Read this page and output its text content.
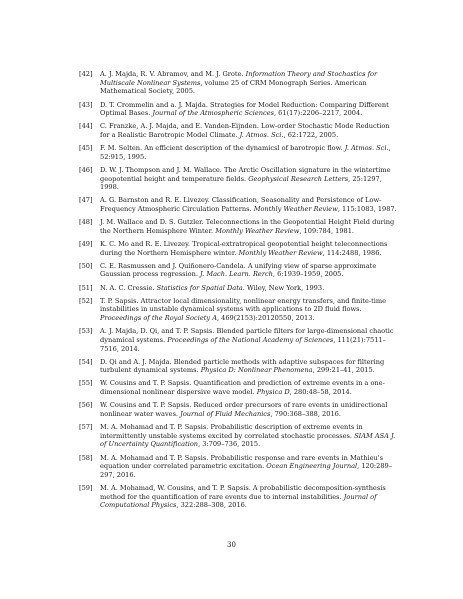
[42] A. J. Majda, R. V. Abramov, and M. J. Grote. Information Theory and Stochastics for Multiscale Nonlinear Systems, volume 25 of CRM Monograph Series. American Mathematical Society, 2005.
[43] D. T. Crommelin and a. J. Majda. Strategies for Model Reduction: Comparing Different Optimal Bases. Journal of the Atmospheric Sciences, 61(17):2206–2217, 2004.
[44] C. Franzke, A. J. Majda, and E. Vanden-Eijnden. Low-order Stochastic Mode Reduction for a Realistic Barotropic Model Climate. J. Atmos. Sci., 62:1722, 2005.
[45] F. M. Selten. An efficient description of the dynamicsl of barotropic flow. J. Atmos. Sci., 52:915, 1995.
[46] D. W. J. Thompson and J. M. Wallace. The Arctic Oscillation signature in the wintertime geopotential height and temperature fields. Geophysical Research Letters, 25:1297, 1998.
[47] A. G. Barnston and R. E. Livezey. Classification, Seasonality and Persistence of Low-Frequency Atmospheric Circulation Patterns. Monthly Weather Review, 115:1083, 1987.
[48] J. M. Wallace and D. S. Gutzler. Teleconnections in the Geopotential Height Field during the Northern Hemisphere Winter. Monthly Weather Review, 109:784, 1981.
[49] K. C. Mo and R. E. Livezey. Tropical-extratropical geopotential height teleconnections during the Northern Hemisphere winter. Monthly Weather Review, 114:2488, 1986.
[50] C. E. Rasmussen and J. Quiñonero-Candela. A unifying view of sparse approximate Gaussian process regression. J. Mach. Learn. Rerch, 6:1939–1959, 2005.
[51] N. A. C. Cressie. Statistics for Spatial Data. Wiley, New York, 1993.
[52] T. P. Sapsis. Attractor local dimensionality, nonlinear energy transfers, and finite-time instabilities in unstable dynamical systems with applications to 2D fluid flows. Proceedings of the Royal Society A, 469(2153):20120550, 2013.
[53] A. J. Majda, D. Qi, and T. P. Sapsis. Blended particle filters for large-dimensional chaotic dynamical systems. Proceedings of the National Academy of Sciences, 111(21):7511–7516, 2014.
[54] D. Qi and A. J. Majda. Blended particle methods with adaptive subspaces for filtering turbulent dynamical systems. Physica D: Nonlinear Phenomena, 299:21–41, 2015.
[55] W. Cousins and T. P. Sapsis. Quantification and prediction of extreme events in a one-dimensional nonlinear dispersive wave model. Physica D, 280:48–58, 2014.
[56] W. Cousins and T. P. Sapsis. Reduced order precursors of rare events in unidirectional nonlinear water waves. Journal of Fluid Mechanics, 790:368–388, 2016.
[57] M. A. Mohamad and T. P. Sapsis. Probabilistic description of extreme events in intermittently unstable systems excited by correlated stochastic processes. SIAM ASA J. of Uncertainty Quantification, 3:709–736, 2015.
[58] M. A. Mohamad and T. P. Sapsis. Probabilistic response and rare events in Mathieu's equation under correlated parametric excitation. Ocean Engineering Journal, 120:289–297, 2016.
[59] M. A. Mohamad, W. Cousins, and T. P. Sapsis. A probabilistic decomposition-synthesis method for the quantification of rare events due to internal instabilities. Journal of Computational Physics, 322:288–308, 2016.
30
